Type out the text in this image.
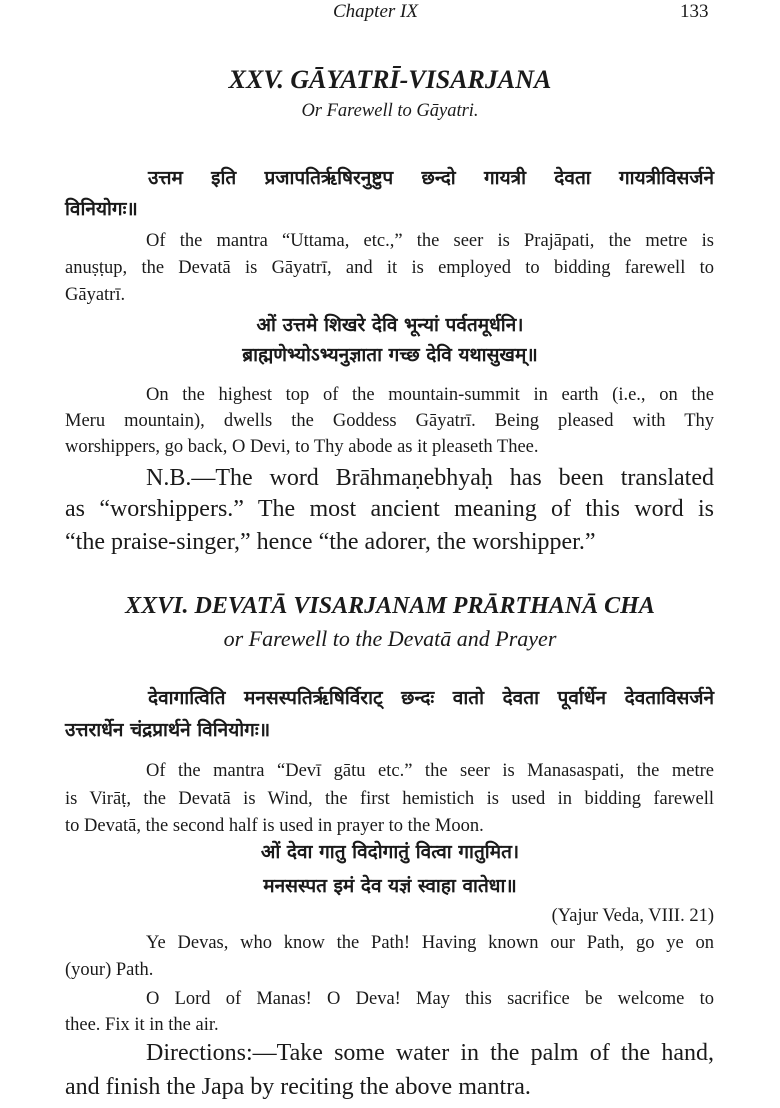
Chapter IX	133
XXV. GĀYATRĪ-VISARJANA
Or Farewell to Gāyatri.
उत्तम इति प्रजापतिर्ऋषिरनुष्टुप छन्दो गायत्री देवता गायत्रीविसर्जने
विनियोगः॥
Of the mantra “Uttama, etc.,” the seer is Prajāpati, the metre is
anuṣṭup, the Devatā is Gāyatrī, and it is employed to bidding farewell to
Gāyatrī.
ओं उत्तमे शिखरे देवि भून्यां पर्वतमूर्धनि।
ब्राह्मणेभ्योऽभ्यनुज्ञाता गच्छ देवि यथासुखम्॥
On the highest top of the mountain-summit in earth (i.e., on the
Meru mountain), dwells the Goddess Gāyatrī. Being pleased with Thy
worshippers, go back, O Devi, to Thy abode as it pleaseth Thee.
N.B.—The word Brāhmaṇebhyaḥ has been translated
as “worshippers.” The most ancient meaning of this word is
“the praise-singer,” hence “the adorer, the worshipper.”
XXVI. DEVATĀ VISARJANAM PRĀRTHANĀ CHA
or Farewell to the Devatā and Prayer
देवागात्विति मनसस्पतिर्ऋषिर्विराट् छन्दः वातो देवता पूर्वार्धेन देवताविसर्जने
उत्तरार्धेन चंद्रप्रार्थने विनियोगः॥
Of the mantra “Devī gātu etc.” the seer is Manasaspati, the metre
is Virāṭ, the Devatā is Wind, the first hemistich is used in bidding farewell
to Devatā, the second half is used in prayer to the Moon.
ओं देवा गातु विदोगातुं वित्वा गातुमित।
मनसस्पत इमं देव यज्ञं स्वाहा वातेधा॥
(Yajur Veda, VIII. 21)
Ye Devas, who know the Path! Having known our Path, go ye on
(your) Path.
O Lord of Manas! O Deva! May this sacrifice be welcome to
thee. Fix it in the air.
Directions:—Take some water in the palm of the hand,
and finish the Japa by reciting the above mantra.
